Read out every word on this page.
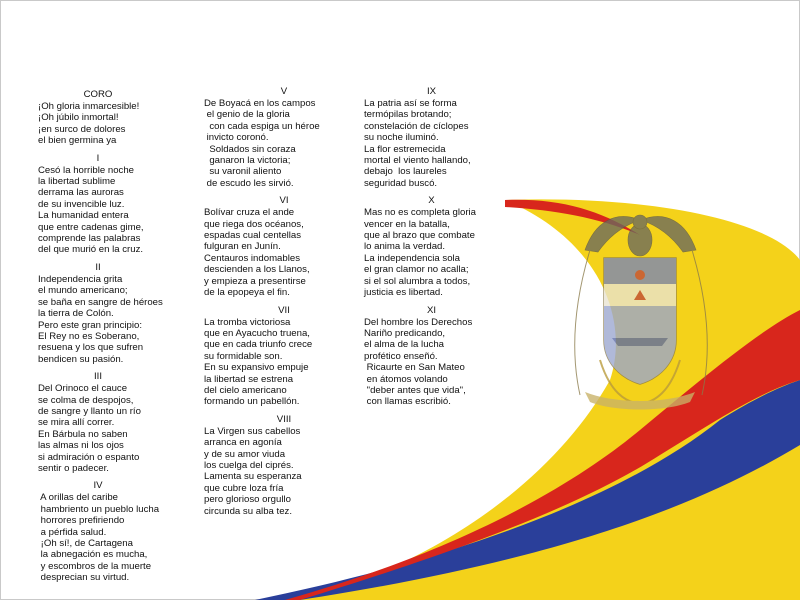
CORO
¡Oh gloria inmarcesible!
¡Oh júbilo inmortal!
¡en surco de dolores
el bien germina ya
I
Cesó la horrible noche
la libertad sublime
derrama las auroras
de su invencible luz.
La humanidad entera
que entre cadenas gime,
comprende las palabras
del que murió en la cruz.
II
Independencia grita
el mundo americano;
se baña en sangre de héroes
la tierra de Colón.
Pero este gran principio:
El Rey no es Soberano,
resuena y los que sufren
bendicen su pasión.
III
Del Orinoco el cauce
se colma de despojos,
de sangre y llanto un río
se mira allí correr.
En Bárbula no saben
las almas ni los ojos
si admiración o espanto
sentir o padecer.
IV
A orillas del caribe
hambriento un pueblo lucha
horrores prefiriendo
a pérfida salud.
¡Oh sí!, de Cartagena
la abnegación es mucha,
y escombros de la muerte
desprecian su virtud.
V
De Boyacá en los campos
el genio de la gloria
con cada espiga un héroe
invicto coronó.
Soldados sin coraza
ganaron la victoria;
su varonil aliento
de escudo les sirvió.
VI
Bolívar cruza el ande
que riega dos océanos,
espadas cual centellas
fulguran en Junín.
Centauros indomables
descienden a los Llanos,
y empieza a presentirse
de la epopeya el fin.
VII
La tromba victoriosa
que en Ayacucho truena,
que en cada triunfo crece
su formidable son.
En su expansivo empuje
la libertad se estrena
del cielo americano
formando un pabellón.
VIII
La Virgen sus cabellos
arranca en agonía
y de su amor viuda
los cuelga del ciprés.
Lamenta su esperanza
que cubre loza fría
pero glorioso orgullo
circunda su alba tez.
IX
La patria así se forma
termópilas brotando;
constelación de cíclopes
su noche iluminó.
La flor estremecida
mortal el viento hallando,
debajo  los laureles
seguridad buscó.
X
Mas no es completa gloria
vencer en la batalla,
que al brazo que combate
lo anima la verdad.
La independencia sola
el gran clamor no acalla;
si el sol alumbra a todos,
justicia es libertad.
XI
Del hombre los Derechos
Nariño predicando,
el alma de la lucha
profético enseñó.
Ricaurte en San Mateo
en átomos volando
"deber antes que vida",
con llamas escribió.
